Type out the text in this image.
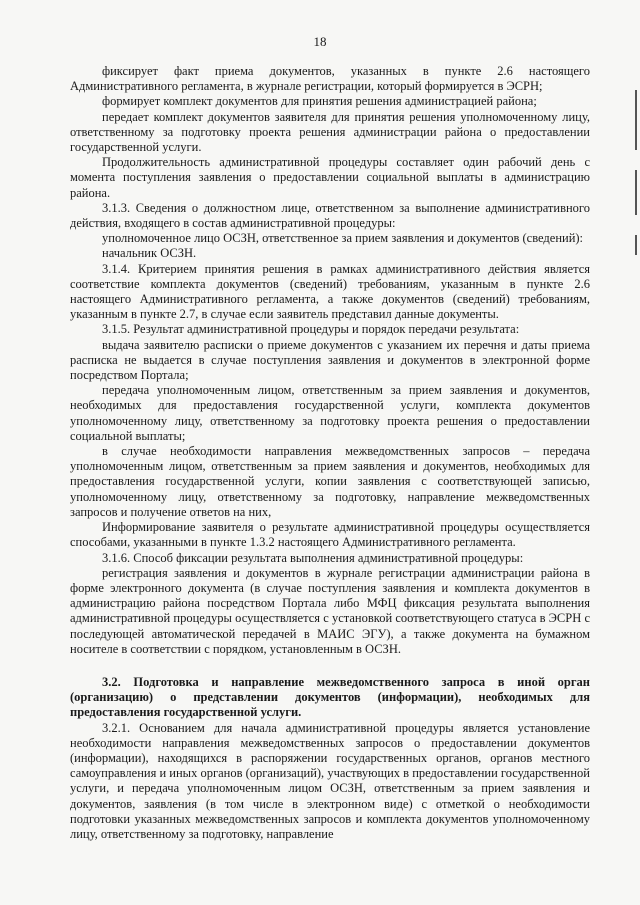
18

фиксирует факт приема документов, указанных в пункте 2.6 настоящего Административного регламента, в журнале регистрации, который формируется в ЭСРН;

формирует комплект документов для принятия решения администрацией района;

передает комплект документов заявителя для принятия решения уполномоченному лицу, ответственному за подготовку проекта решения администрации района о предоставлении государственной услуги.

Продолжительность административной процедуры составляет один рабочий день с момента поступления заявления о предоставлении социальной выплаты в администрацию района.

3.1.3. Сведения о должностном лице, ответственном за выполнение административного действия, входящего в состав административной процедуры:

уполномоченное лицо ОСЗН, ответственное за прием заявления и документов (сведений):

начальник ОСЗН.

3.1.4. Критерием принятия решения в рамках административного действия является соответствие комплекта документов (сведений) требованиям, указанным в пункте 2.6 настоящего Административного регламента, а также документов (сведений) требованиям, указанным в пункте 2.7, в случае если заявитель представил данные документы.

3.1.5. Результат административной процедуры и порядок передачи результата:

выдача заявителю расписки о приеме документов с указанием их перечня и даты приема расписка не выдается в случае поступления заявления и документов в электронной форме посредством Портала;

передача уполномоченным лицом, ответственным за прием заявления и документов, необходимых для предоставления государственной услуги, комплекта документов уполномоченному лицу, ответственному за подготовку проекта решения о предоставлении социальной выплаты;

в случае необходимости направления межведомственных запросов – передача уполномоченным лицом, ответственным за прием заявления и документов, необходимых для предоставления государственной услуги, копии заявления с соответствующей записью, уполномоченному лицу, ответственному за подготовку, направление межведомственных запросов и получение ответов на них,

Информирование заявителя о результате административной процедуры осуществляется способами, указанными в пункте 1.3.2 настоящего Административного регламента.

3.1.6. Способ фиксации результата выполнения административной процедуры:

регистрация заявления и документов в журнале регистрации администрации района в форме электронного документа (в случае поступления заявления и комплекта документов в администрацию района посредством Портала либо МФЦ фиксация результата выполнения административной процедуры осуществляется с установкой соответствующего статуса в ЭСРН с последующей автоматической передачей в МАИС ЭГУ), а также документа на бумажном носителе в соответствии с порядком, установленным в ОСЗН.

3.2. Подготовка и направление межведомственного запроса в иной орган (организацию) о представлении документов (информации), необходимых для предоставления государственной услуги.

3.2.1. Основанием для начала административной процедуры является установление необходимости направления межведомственных запросов о предоставлении документов (информации), находящихся в распоряжении государственных органов, органов местного самоуправления и иных органов (организаций), участвующих в предоставлении государственной услуги, и передача уполномоченным лицом ОСЗН, ответственным за прием заявления и документов, заявления (в том числе в электронном виде) с отметкой о необходимости подготовки указанных межведомственных запросов и комплекта документов уполномоченному лицу, ответственному за подготовку, направление
